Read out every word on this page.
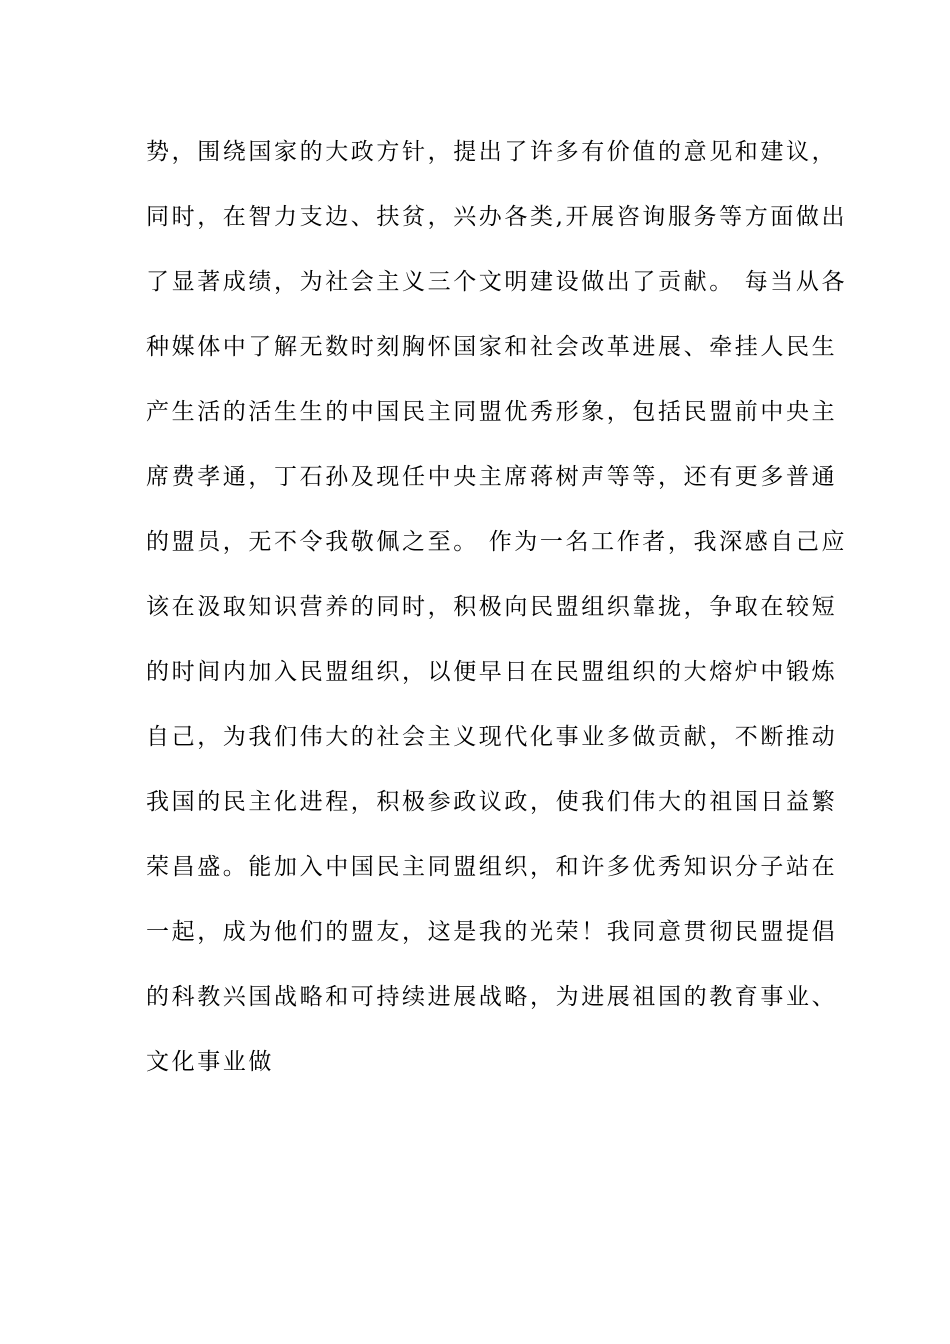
势，围绕国家的大政方针，提出了许多有价值的意见和建议，
同时，在智力支边、扶贫，兴办各类,开展咨询服务等方面做出
了显著成绩，为社会主义三个文明建设做出了贡献。 每当从各
种媒体中了解无数时刻胸怀国家和社会改革进展、牵挂人民生
产生活的活生生的中国民主同盟优秀形象，包括民盟前中央主
席费孝通，丁石孙及现任中央主席蒋树声等等，还有更多普通
的盟员，无不令我敬佩之至。 作为一名工作者，我深感自己应
该在汲取知识营养的同时，积极向民盟组织靠拢，争取在较短
的时间内加入民盟组织，以便早日在民盟组织的大熔炉中锻炼
自己，为我们伟大的社会主义现代化事业多做贡献，不断推动
我国的民主化进程，积极参政议政，使我们伟大的祖国日益繁
荣昌盛。能加入中国民主同盟组织，和许多优秀知识分子站在
一起，成为他们的盟友，这是我的光荣！我同意贯彻民盟提倡
的科教兴国战略和可持续进展战略，为进展祖国的教育事业、
文化事业做
